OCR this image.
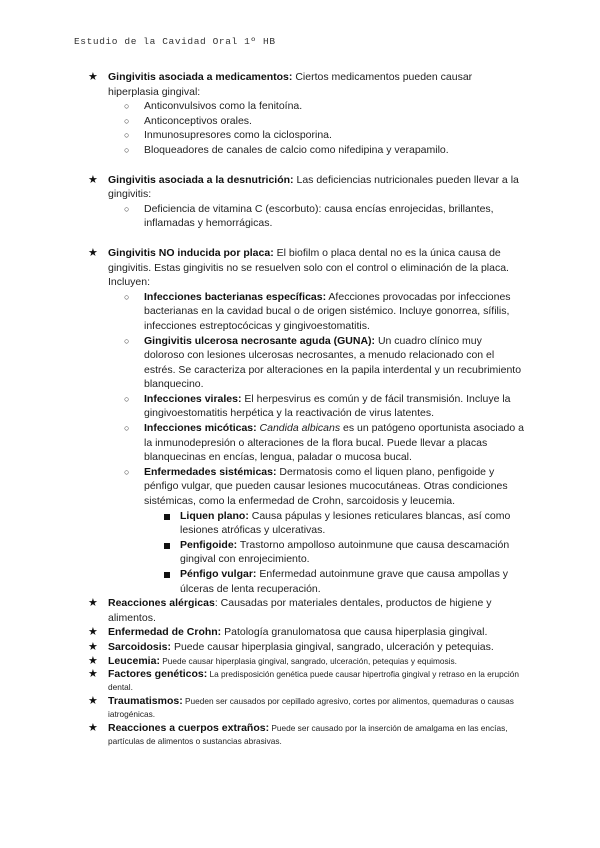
Estudio de la Cavidad Oral 1º HB
★ Gingivitis asociada a medicamentos: Ciertos medicamentos pueden causar hiperplasia gingival:
○ Anticonvulsivos como la fenitoína.
○ Anticonceptivos orales.
○ Inmunosupresores como la ciclosporina.
○ Bloqueadores de canales de calcio como nifedipina y verapamilo.
★ Gingivitis asociada a la desnutrición: Las deficiencias nutricionales pueden llevar a la gingivitis:
○ Deficiencia de vitamina C (escorbuto): causa encías enrojecidas, brillantes, inflamadas y hemorrágicas.
★ Gingivitis NO inducida por placa: El biofilm o placa dental no es la única causa de gingivitis. Estas gingivitis no se resuelven solo con el control o eliminación de la placa. Incluyen:
○ Infecciones bacterianas específicas: Afecciones provocadas por infecciones bacterianas en la cavidad bucal o de origen sistémico. Incluye gonorrea, sífilis, infecciones estreptocócicas y gingivoestomatitis.
○ Gingivitis ulcerosa necrosante aguda (GUNA): Un cuadro clínico muy doloroso con lesiones ulcerosas necrosantes, a menudo relacionado con el estrés. Se caracteriza por alteraciones en la papila interdental y un recubrimiento blanquecino.
○ Infecciones virales: El herpesvirus es común y de fácil transmisión. Incluye la gingivoestomatitis herpética y la reactivación de virus latentes.
○ Infecciones micóticas: Candida albicans es un patógeno oportunista asociado a la inmunodepresión o alteraciones de la flora bucal. Puede llevar a placas blanquecinas en encías, lengua, paladar o mucosa bucal.
○ Enfermedades sistémicas: Dermatosis como el liquen plano, penfigoide y pénfigo vulgar, que pueden causar lesiones mucocutáneas. Otras condiciones sistémicas, como la enfermedad de Crohn, sarcoidosis y leucemia.
Liquen plano: Causa pápulas y lesiones reticulares blancas, así como lesiones atróficas y ulcerativas.
Penfigoide: Trastorno ampolloso autoinmune que causa descamación gingival con enrojecimiento.
Pénfigo vulgar: Enfermedad autoinmune grave que causa ampollas y úlceras de lenta recuperación.
★ Reacciones alérgicas: Causadas por materiales dentales, productos de higiene y alimentos.
★ Enfermedad de Crohn: Patología granulomatosa que causa hiperplasia gingival.
★ Sarcoidosis: Puede causar hiperplasia gingival, sangrado, ulceración y petequias.
★ Leucemia: Puede causar hiperplasia gingival, sangrado, ulceración, petequias y equimosis.
★ Factores genéticos: La predisposición genética puede causar hipertrofia gingival y retraso en la erupción dental.
★ Traumatismos: Pueden ser causados por cepillado agresivo, cortes por alimentos, quemaduras o causas iatrogénicas.
★ Reacciones a cuerpos extraños: Puede ser causado por la inserción de amalgama en las encías, partículas de alimentos o sustancias abrasivas.
